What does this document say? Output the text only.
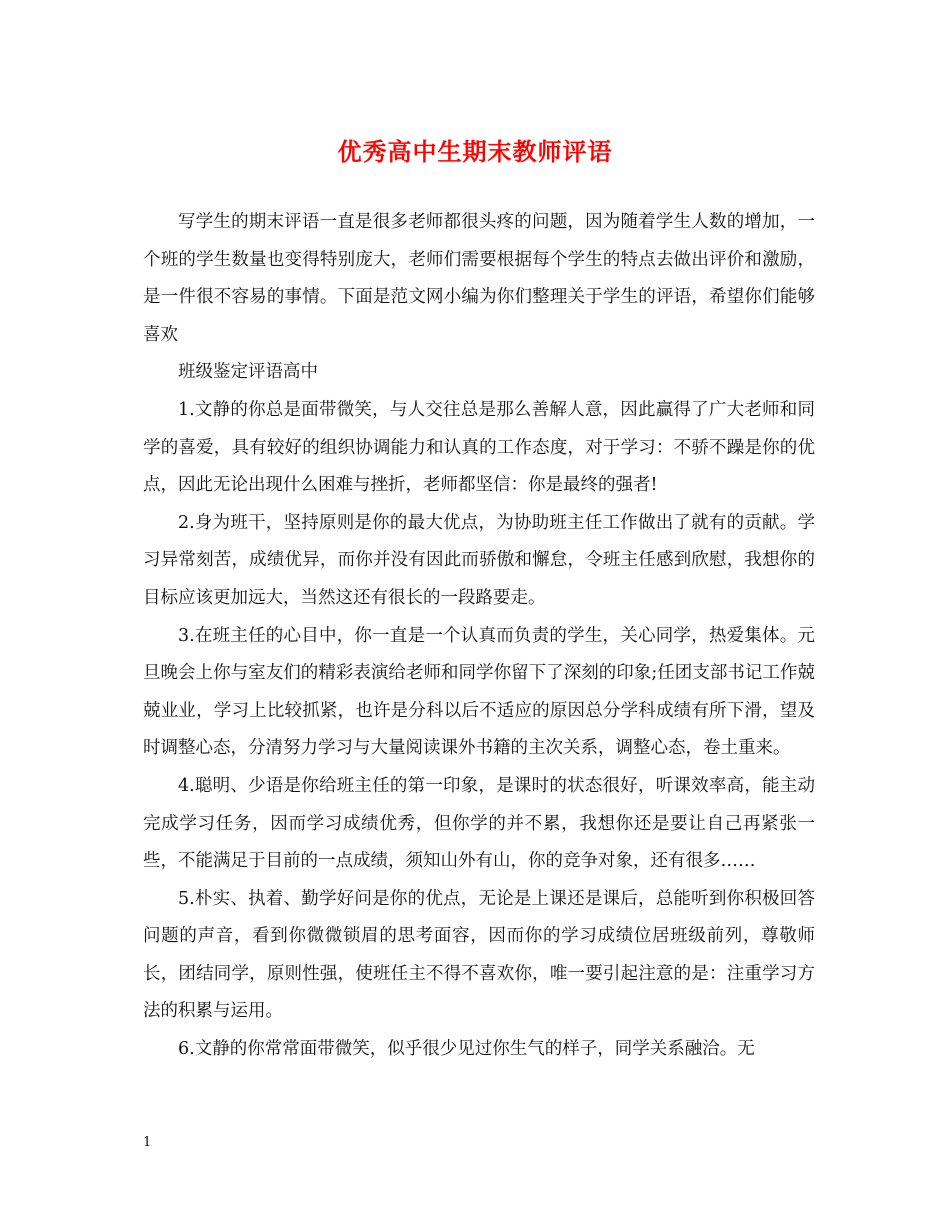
优秀高中生期末教师评语

写学生的期末评语一直是很多老师都很头疼的问题，因为随着学生人数的增加，一个班的学生数量也变得特别庞大，老师们需要根据每个学生的特点去做出评价和激励，是一件很不容易的事情。下面是范文网小编为你们整理关于学生的评语，希望你们能够喜欢

班级鉴定评语高中

1.文静的你总是面带微笑，与人交往总是那么善解人意，因此赢得了广大老师和同学的喜爱，具有较好的组织协调能力和认真的工作态度，对于学习：不骄不躁是你的优点，因此无论出现什么困难与挫折，老师都坚信：你是最终的强者!

2.身为班干，坚持原则是你的最大优点，为协助班主任工作做出了就有的贡献。学习异常刻苦，成绩优异，而你并没有因此而骄傲和懈怠，令班主任感到欣慰，我想你的目标应该更加远大，当然这还有很长的一段路要走。

3.在班主任的心目中，你一直是一个认真而负责的学生，关心同学，热爱集体。元旦晚会上你与室友们的精彩表演给老师和同学你留下了深刻的印象;任团支部书记工作兢兢业业，学习上比较抓紧，也许是分科以后不适应的原因总分学科成绩有所下滑，望及时调整心态，分清努力学习与大量阅读课外书籍的主次关系，调整心态，卷土重来。

4.聪明、少语是你给班主任的第一印象，是课时的状态很好，听课效率高，能主动完成学习任务，因而学习成绩优秀，但你学的并不累，我想你还是要让自己再紧张一些，不能满足于目前的一点成绩，须知山外有山，你的竞争对象，还有很多……

5.朴实、执着、勤学好问是你的优点，无论是上课还是课后，总能听到你积极回答问题的声音，看到你微微锁眉的思考面容，因而你的学习成绩位居班级前列，尊敬师长，团结同学，原则性强，使班任主不得不喜欢你，唯一要引起注意的是：注重学习方法的积累与运用。

6.文静的你常常面带微笑，似乎很少见过你生气的样子，同学关系融洽。无

1
